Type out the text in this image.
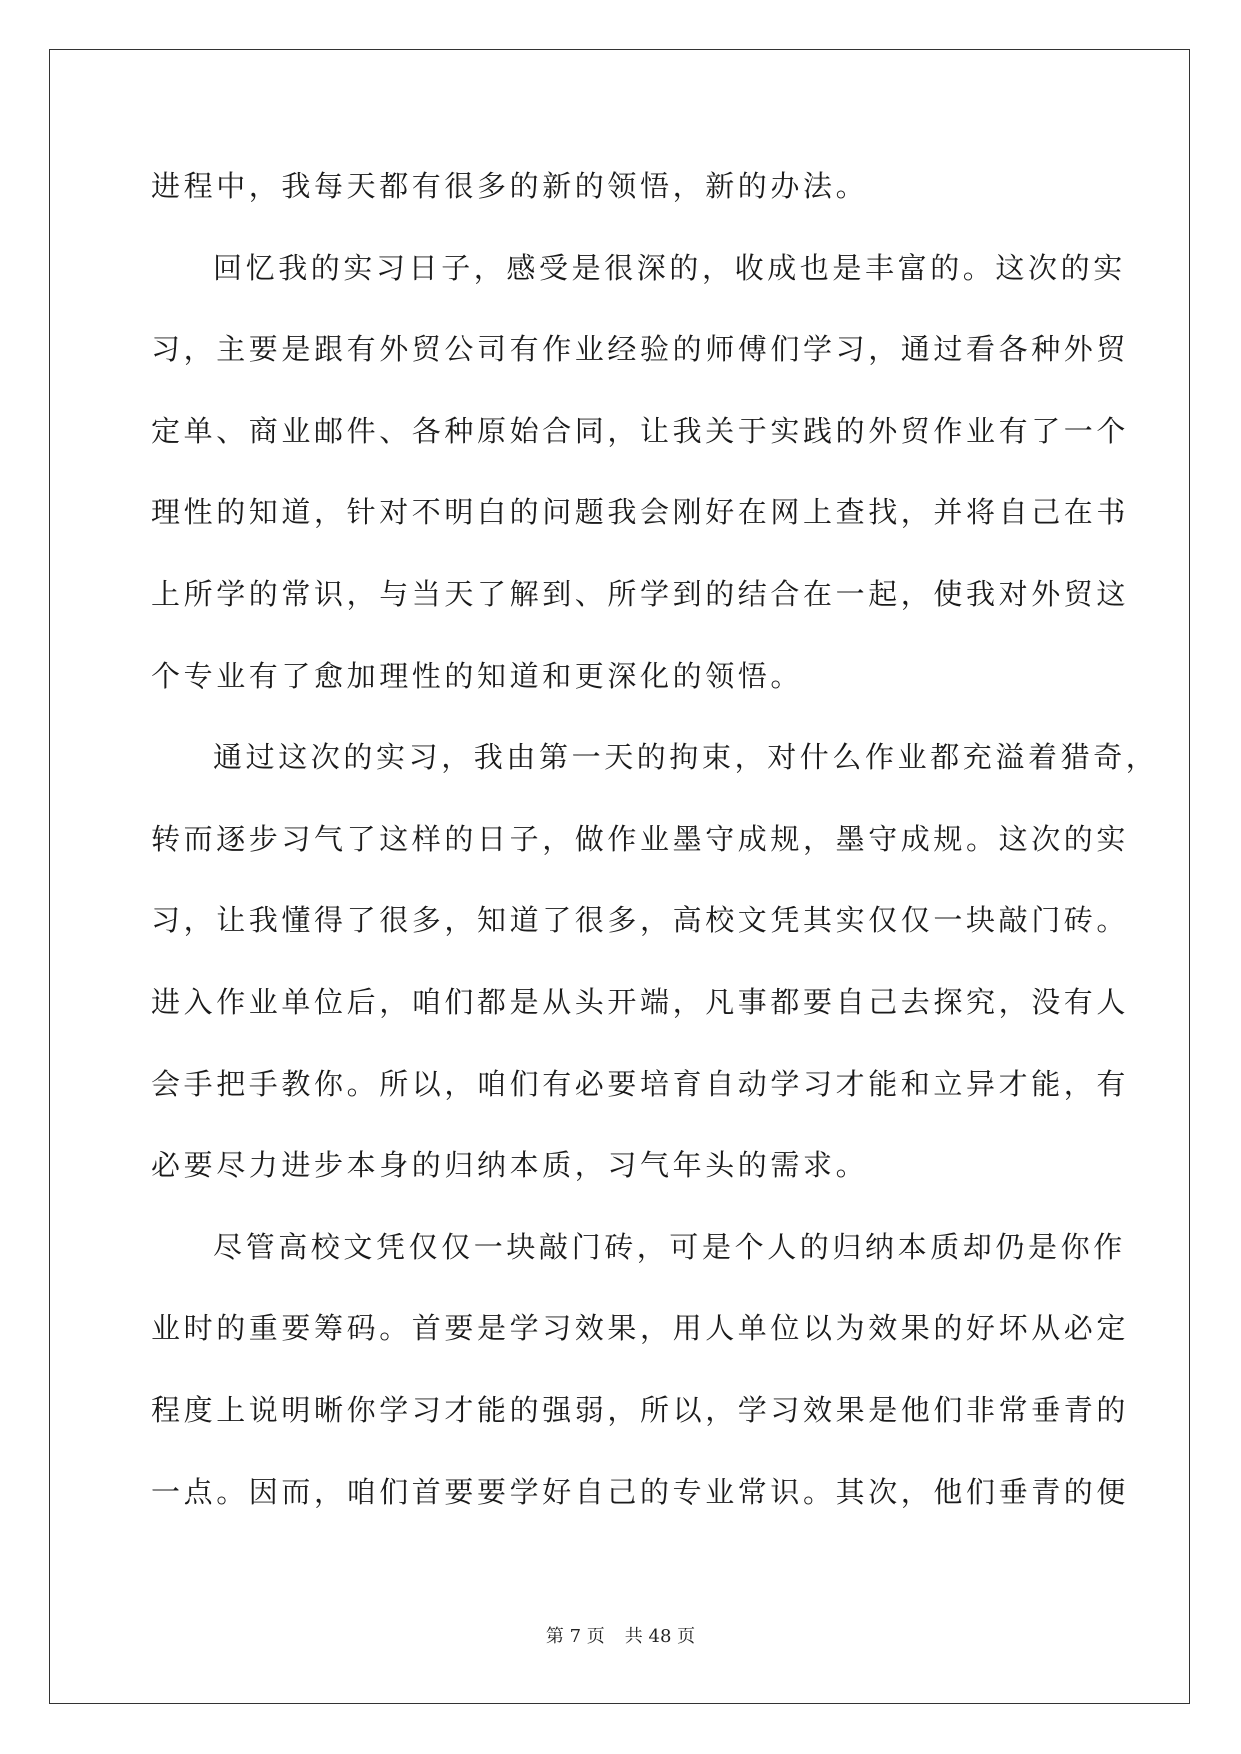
进程中，我每天都有很多的新的领悟，新的办法。
回忆我的实习日子，感受是很深的，收成也是丰富的。这次的实
习，主要是跟有外贸公司有作业经验的师傅们学习，通过看各种外贸
定单、商业邮件、各种原始合同，让我关于实践的外贸作业有了一个
理性的知道，针对不明白的问题我会刚好在网上查找，并将自己在书
上所学的常识，与当天了解到、所学到的结合在一起，使我对外贸这
个专业有了愈加理性的知道和更深化的领悟。
通过这次的实习，我由第一天的拘束，对什么作业都充溢着猎奇，
转而逐步习气了这样的日子，做作业墨守成规，墨守成规。这次的实
习，让我懂得了很多，知道了很多，高校文凭其实仅仅一块敲门砖。
进入作业单位后，咱们都是从头开端，凡事都要自己去探究，没有人
会手把手教你。所以，咱们有必要培育自动学习才能和立异才能，有
必要尽力进步本身的归纳本质，习气年头的需求。
尽管高校文凭仅仅一块敲门砖，可是个人的归纳本质却仍是你作
业时的重要筹码。首要是学习效果，用人单位以为效果的好坏从必定
程度上说明晰你学习才能的强弱，所以，学习效果是他们非常垂青的
一点。因而，咱们首要要学好自己的专业常识。其次，他们垂青的便
第 7 页 共 48 页
